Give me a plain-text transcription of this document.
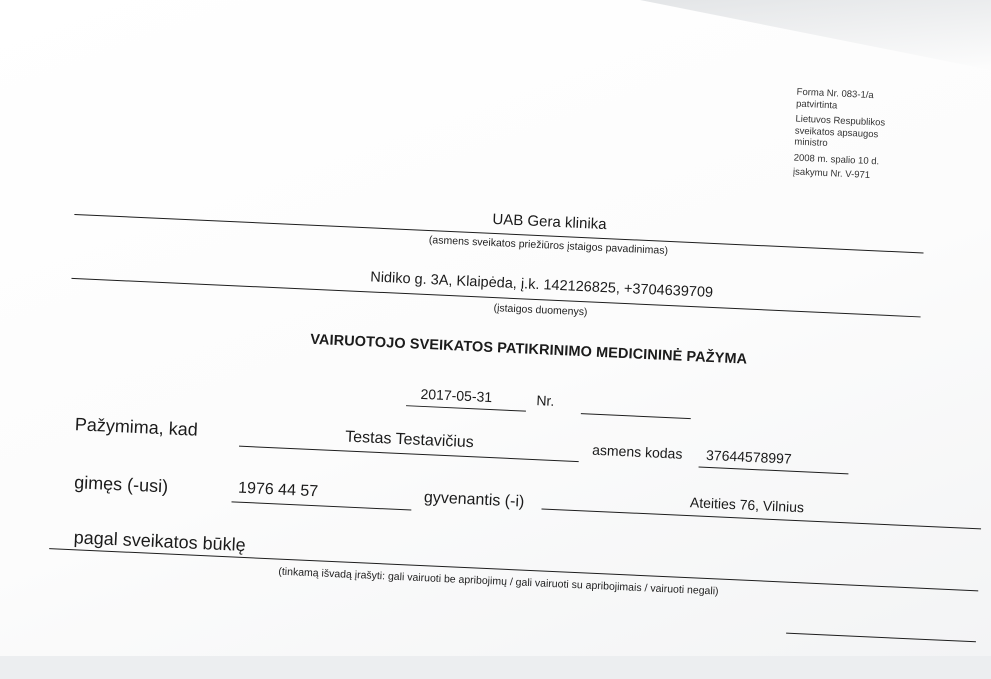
Forma Nr. 083-1/a
patvirtinta
Lietuvos Respublikos
sveikatos apsaugos
ministro
2008 m. spalio 10 d.
įsakymu Nr. V-971
UAB Gera klinika
(asmens sveikatos priežiūros įstaigos pavadinimas)
Nidiko g. 3A, Klaipėda, į.k. 142126825, +3704639709
(įstaigos duomenys)
VAIRUOTOJO SVEIKATOS PATIKRINIMO MEDICININĖ PAŽYMA
2017-05-31	Nr.
Pažymima, kad
Testas Testavičius
asmens kodas 37644578997
gimęs (-usi)	1976 44 57	gyvenantis (-i)	Ateities 76, Vilnius
pagal sveikatos būklę
(tinkamą išvadą įrašyti: gali vairuoti be apribojimų / gali vairuoti su apribojimais / vairuoti negali)
